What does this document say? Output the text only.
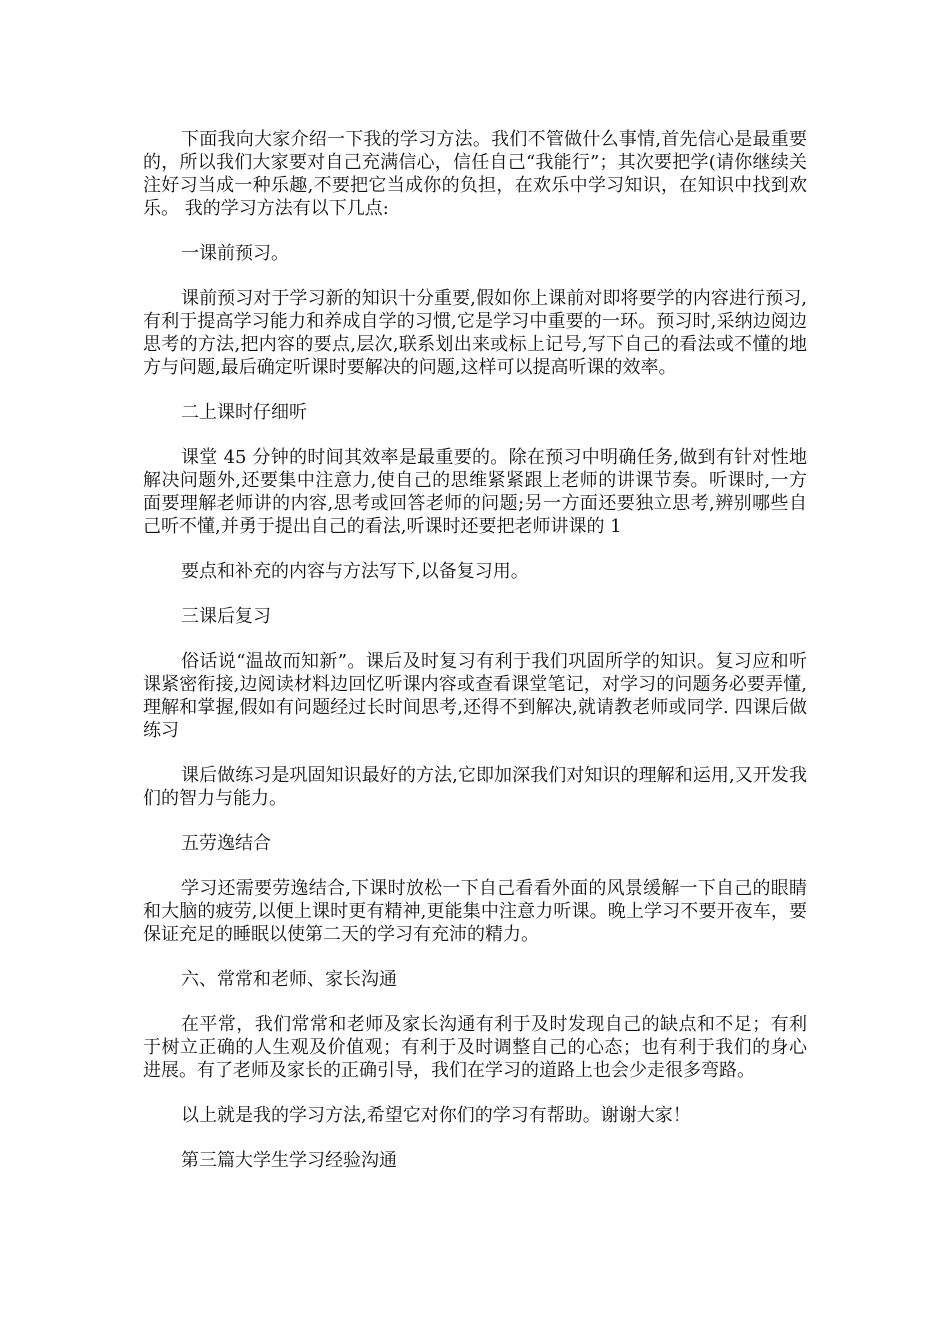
下面我向大家介绍一下我的学习方法。我们不管做什么事情,首先信心是最重要的，所以我们大家要对自己充满信心，信任自己“我能行”；其次要把学(请你继续关注好习当成一种乐趣,不要把它当成你的负担，在欢乐中学习知识，在知识中找到欢乐。 我的学习方法有以下几点:

一课前预习。

课前预习对于学习新的知识十分重要,假如你上课前对即将要学的内容进行预习,有利于提高学习能力和养成自学的习惯,它是学习中重要的一环。预习时,采纳边阅边思考的方法,把内容的要点,层次,联系划出来或标上记号,写下自己的看法或不懂的地方与问题,最后确定听课时要解决的问题,这样可以提高听课的效率。

二上课时仔细听

课堂 45 分钟的时间其效率是最重要的。除在预习中明确任务,做到有针对性地解决问题外,还要集中注意力,使自己的思维紧紧跟上老师的讲课节奏。听课时,一方面要理解老师讲的内容,思考或回答老师的问题;另一方面还要独立思考,辨别哪些自己听不懂,并勇于提出自己的看法,听课时还要把老师讲课的 1

要点和补充的内容与方法写下,以备复习用。

三课后复习

俗话说“温故而知新”。课后及时复习有利于我们巩固所学的知识。复习应和听课紧密衔接,边阅读材料边回忆听课内容或查看课堂笔记，对学习的问题务必要弄懂,理解和掌握,假如有问题经过长时间思考,还得不到解决,就请教老师或同学. 四课后做练习

课后做练习是巩固知识最好的方法,它即加深我们对知识的理解和运用,又开发我们的智力与能力。

五劳逸结合

学习还需要劳逸结合,下课时放松一下自己看看外面的风景缓解一下自己的眼睛和大脑的疲劳,以便上课时更有精神,更能集中注意力听课。晚上学习不要开夜车，要保证充足的睡眠以使第二天的学习有充沛的精力。

六、常常和老师、家长沟通

在平常，我们常常和老师及家长沟通有利于及时发现自己的缺点和不足；有利于树立正确的人生观及价值观；有利于及时调整自己的心态；也有利于我们的身心进展。有了老师及家长的正确引导，我们在学习的道路上也会少走很多弯路。

以上就是我的学习方法,希望它对你们的学习有帮助。谢谢大家！

第三篇大学生学习经验沟通
